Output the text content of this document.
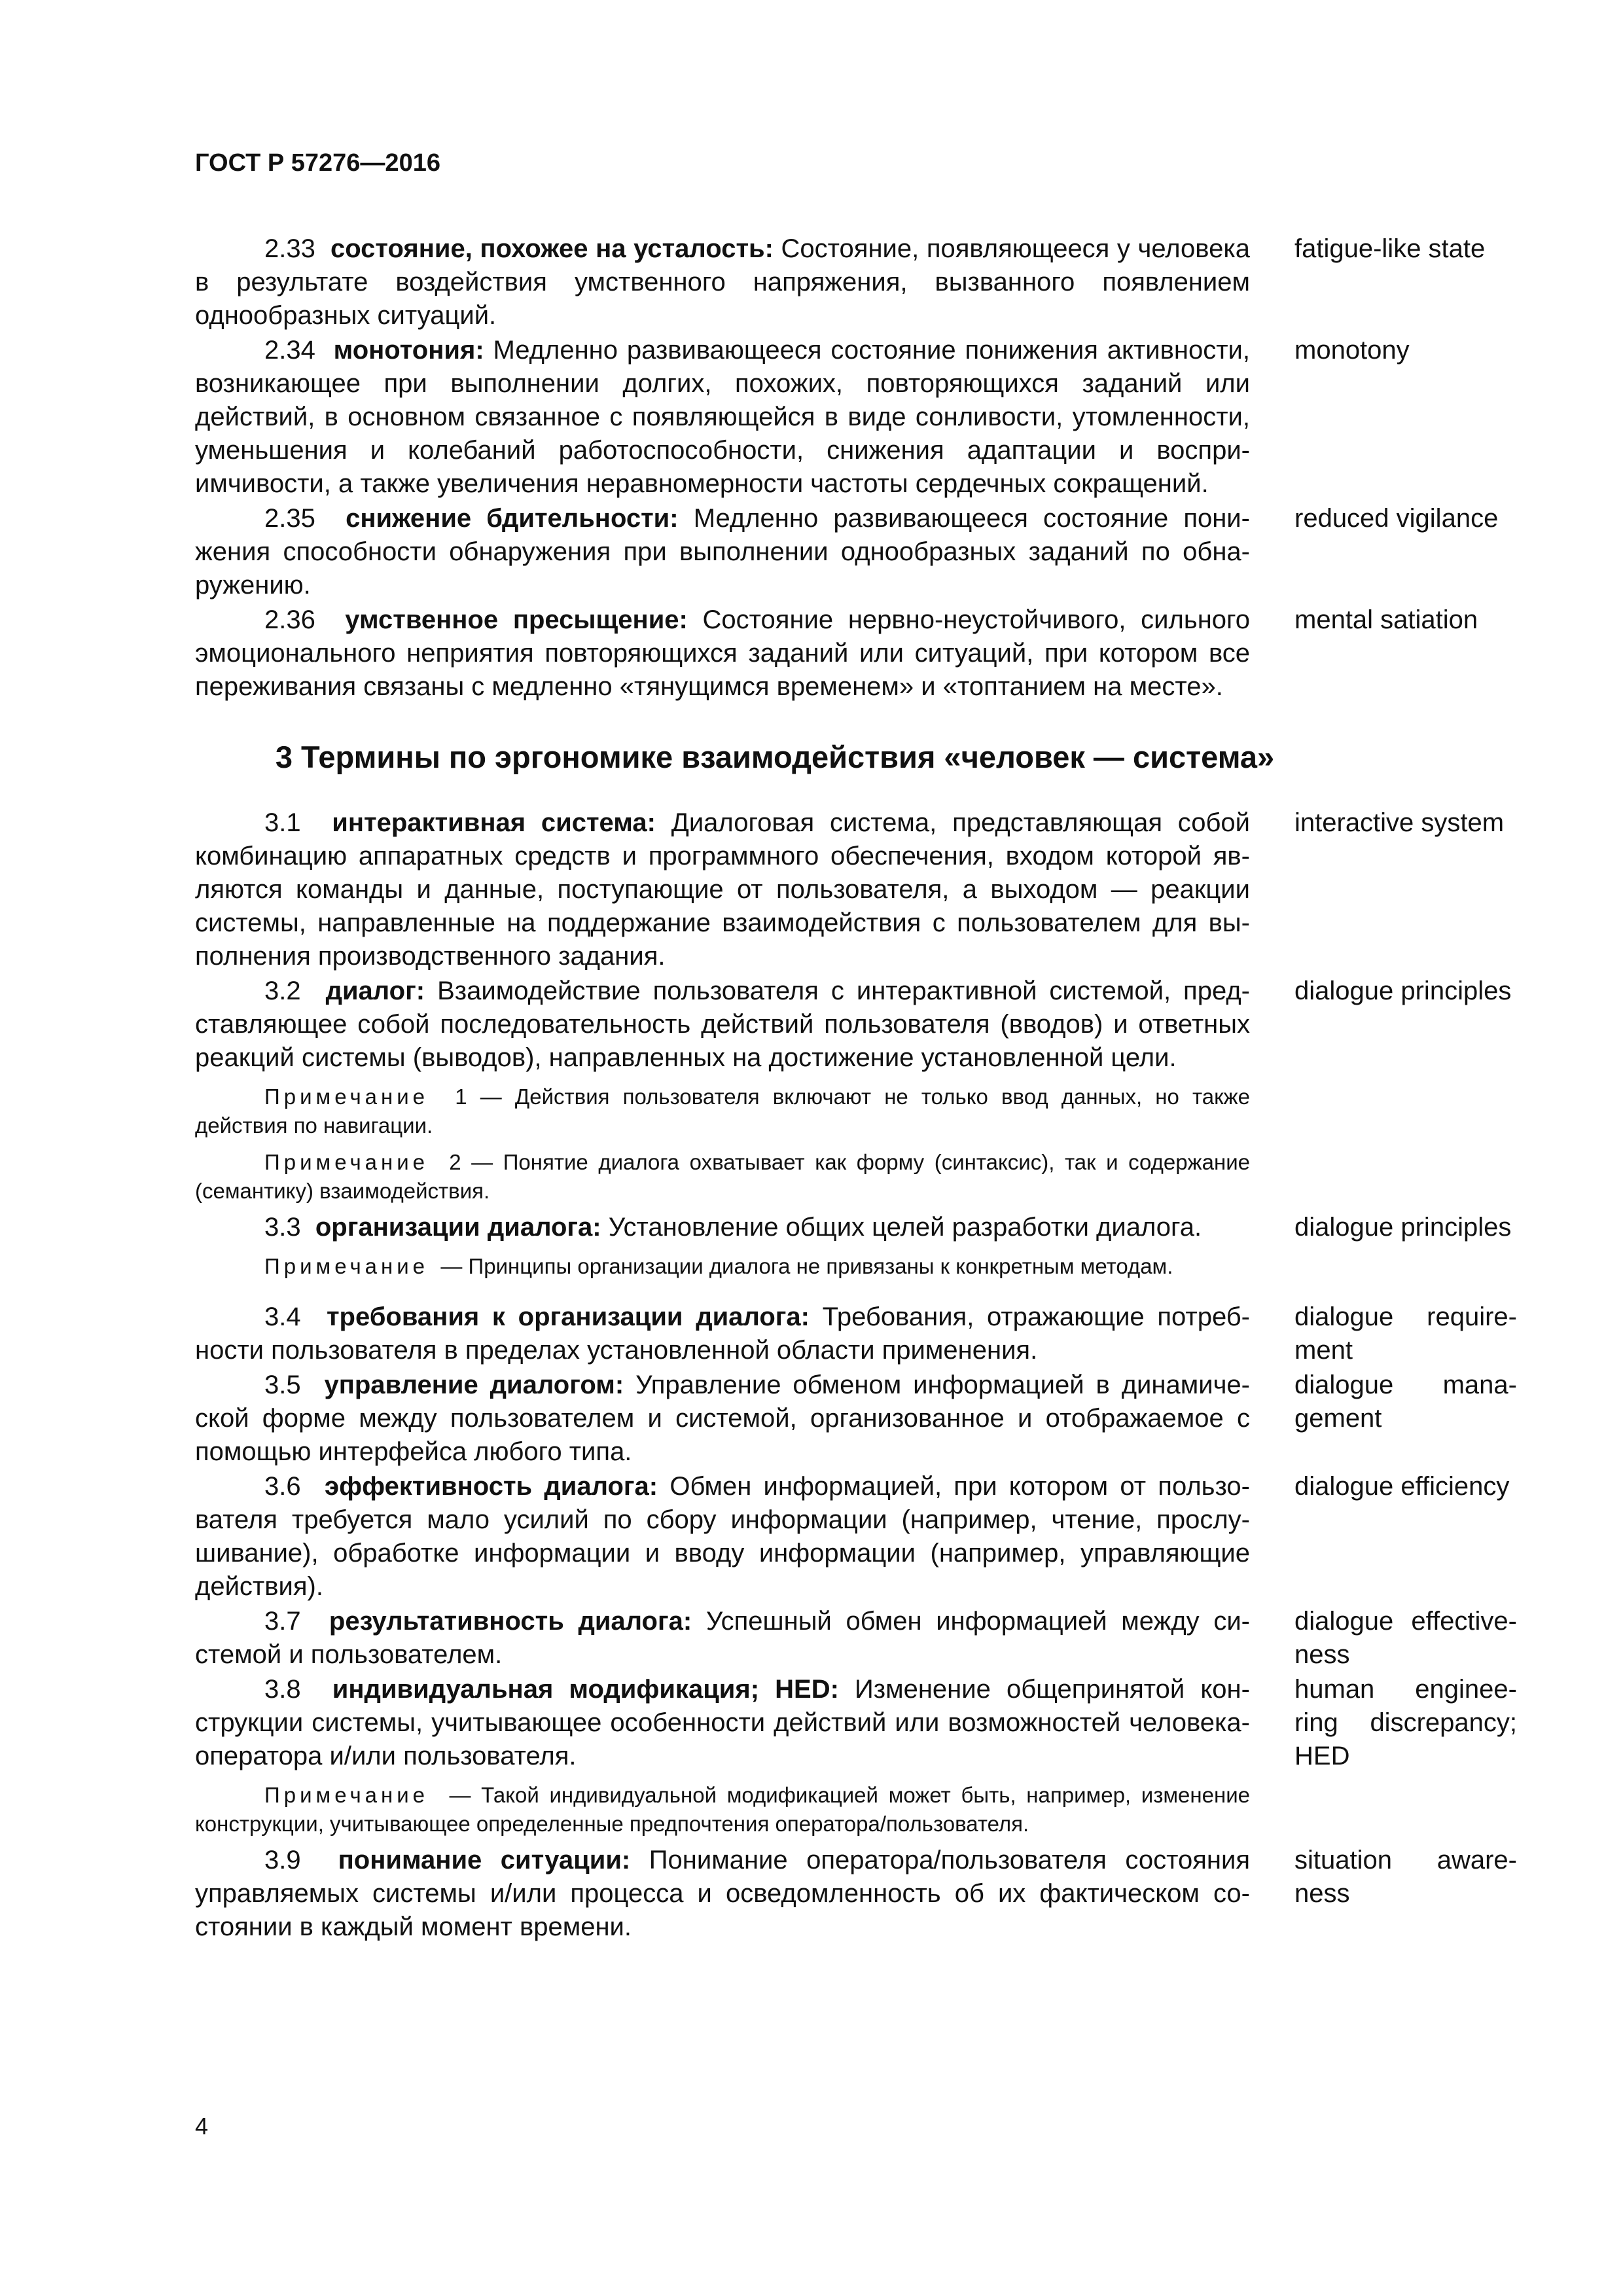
ГОСТ Р 57276—2016

2.33 состояние, похожее на усталость: Состояние, появляющееся у человека в результате воздействия умственного напряжения, вызванного появлением однообразных ситуаций.

fatigue-like state

2.34 монотония: Медленно развивающееся состояние понижения активности, возникающее при выполнении долгих, похожих, повторяющихся заданий или действий, в основном связанное с появляющейся в виде сонливости, утомленности, уменьшения и колебаний работоспособности, снижения адаптации и восприимчивости, а также увеличения неравномерности частоты сердечных сокращений.

monotony

2.35 снижение бдительности: Медленно развивающееся состояние понижения способности обнаружения при выполнении однообразных заданий по обнаружению.

reduced vigilance

2.36 умственное пресыщение: Состояние нервно-неустойчивого, сильного эмоционального неприятия повторяющихся заданий или ситуаций, при котором все переживания связаны с медленно «тянущимся временем» и «топтанием на месте».

mental satiation

3 Термины по эргономике взаимодействия «человек — система»

3.1 интерактивная система: Диалоговая система, представляющая собой комбинацию аппаратных средств и программного обеспечения, входом которой являются команды и данные, поступающие от пользователя, а выходом — реакции системы, направленные на поддержание взаимодействия с пользователем для выполнения производственного задания.

interactive system

3.2 диалог: Взаимодействие пользователя с интерактивной системой, представляющее собой последовательность действий пользователя (вводов) и ответных реакций системы (выводов), направленных на достижение установленной цели.

dialogue principles

Примечание 1 — Действия пользователя включают не только ввод данных, но также действия по навигации.

Примечание 2 — Понятие диалога охватывает как форму (синтаксис), так и содержание (семантику) взаимодействия.

3.3 организации диалога: Установление общих целей разработки диалога.	dialogue principles

Примечание — Принципы организации диалога не привязаны к конкретным методам.

3.4 требования к организации диалога: Требования, отражающие потребности пользователя в пределах установленной области применения.

dialogue requirement

3.5 управление диалогом: Управление обменом информацией в динамической форме между пользователем и системой, организованное и отображаемое с помощью интерфейса любого типа.

dialogue management

3.6 эффективность диалога: Обмен информацией, при котором от пользователя требуется мало усилий по сбору информации (например, чтение, прослушивание), обработке информации и вводу информации (например, управляющие действия).

dialogue efficiency

3.7 результативность диалога: Успешный обмен информацией между системой и пользователем.

dialogue effectiveness

3.8 индивидуальная модификация; HED: Изменение общепринятой конструкции системы, учитывающее особенности действий или возможностей человека-оператора и/или пользователя.

human engineering discrepancy; HED

Примечание — Такой индивидуальной модификацией может быть, например, изменение конструкции, учитывающее определенные предпочтения оператора/пользователя.

3.9 понимание ситуации: Понимание оператора/пользователя состояния управляемых системы и/или процесса и осведомленность об их фактическом состоянии в каждый момент времени.

situation awareness

4
